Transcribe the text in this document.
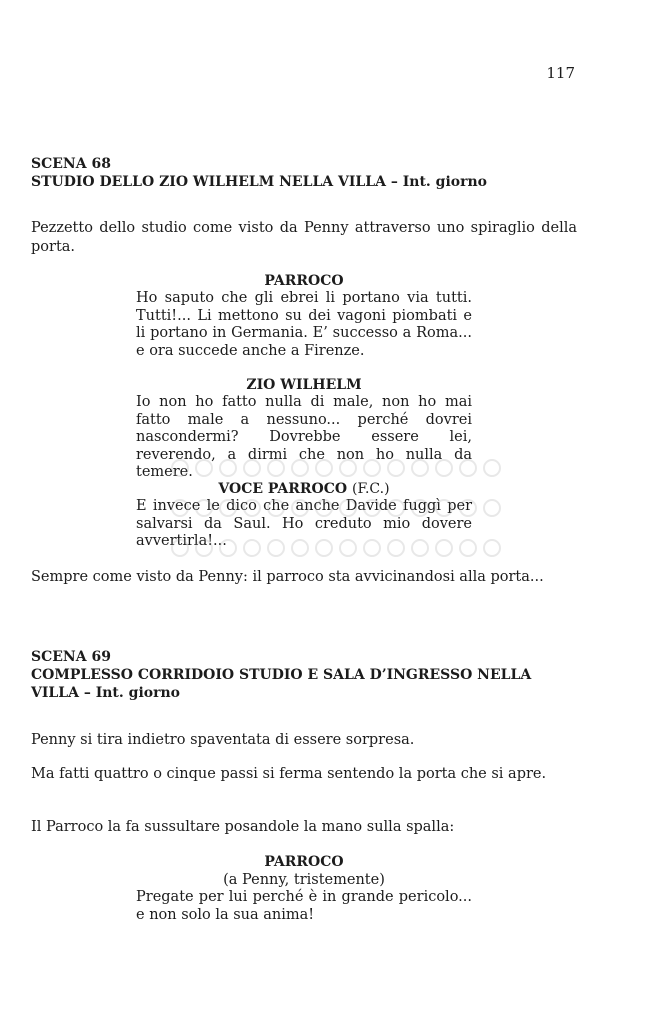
117

SCENA 68

STUDIO DELLO ZIO WILHELM NELLA VILLA – Int. giorno

Pezzetto dello studio come visto da Penny attraverso uno spiraglio della porta.

PARROCO

Ho saputo che gli ebrei li portano via tutti. Tutti!... Li mettono su dei vagoni piombati e li portano in Germania. E’ successo a Roma... e ora succede anche a Firenze.

ZIO WILHELM

Io non ho fatto nulla di male, non ho mai fatto male a nessuno... perché dovrei nascondermi? Dovrebbe essere lei, reverendo, a dirmi che non ho nulla da temere.

VOCE PARROCO (F.C.)

E invece le dico che anche Davide fuggì per salvarsi da Saul. Ho creduto mio dovere avvertirla!...

Sempre come visto da Penny: il parroco sta avvicinandosi alla porta...

SCENA 69

COMPLESSO CORRIDOIO STUDIO E SALA D’INGRESSO NELLA

VILLA – Int. giorno

Penny si tira indietro spaventata di essere sorpresa.

Ma fatti quattro o cinque passi si ferma sentendo la porta che si apre.

Il Parroco la fa sussultare posandole la mano sulla spalla:

PARROCO

(a Penny, tristemente)

Pregate per lui perché è in grande pericolo... e non solo la sua anima!
